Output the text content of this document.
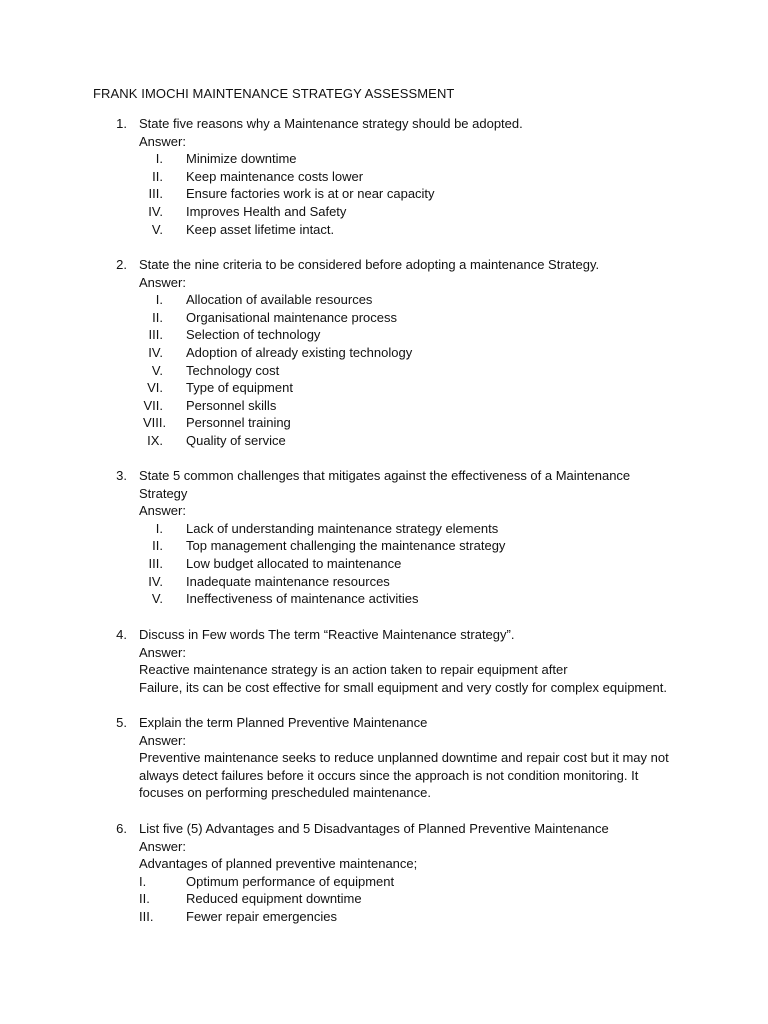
FRANK IMOCHI MAINTENANCE STRATEGY ASSESSMENT
1. State five reasons why a Maintenance strategy should be adopted.
Answer:
I. Minimize downtime
II. Keep maintenance costs lower
III. Ensure factories work is at or near capacity
IV. Improves Health and Safety
V. Keep asset lifetime intact.
2. State the nine criteria to be considered before adopting a maintenance Strategy.
Answer:
I. Allocation of available resources
II. Organisational maintenance process
III. Selection of technology
IV. Adoption of already existing technology
V. Technology cost
VI. Type of equipment
VII. Personnel skills
VIII. Personnel training
IX. Quality of service
3. State 5 common challenges that mitigates against the effectiveness of a Maintenance
Strategy
Answer:
I. Lack of understanding maintenance strategy elements
II. Top management challenging the maintenance strategy
III. Low budget allocated to maintenance
IV. Inadequate maintenance resources
V. Ineffectiveness of maintenance activities
4. Discuss in Few words The term “Reactive Maintenance strategy”.
Answer:
Reactive maintenance strategy is an action taken to repair equipment after
Failure, its can be cost effective for small equipment and very costly for complex equipment.
5. Explain the term Planned Preventive Maintenance
Answer:
Preventive maintenance seeks to reduce unplanned downtime and repair cost but it may not
always detect failures before it occurs since the approach is not condition monitoring. It
focuses on performing prescheduled maintenance.
6. List five (5) Advantages and 5 Disadvantages of Planned Preventive Maintenance
Answer:
Advantages of planned preventive maintenance;
I.	Optimum performance of equipment
II.	Reduced equipment downtime
III.	Fewer repair emergencies
